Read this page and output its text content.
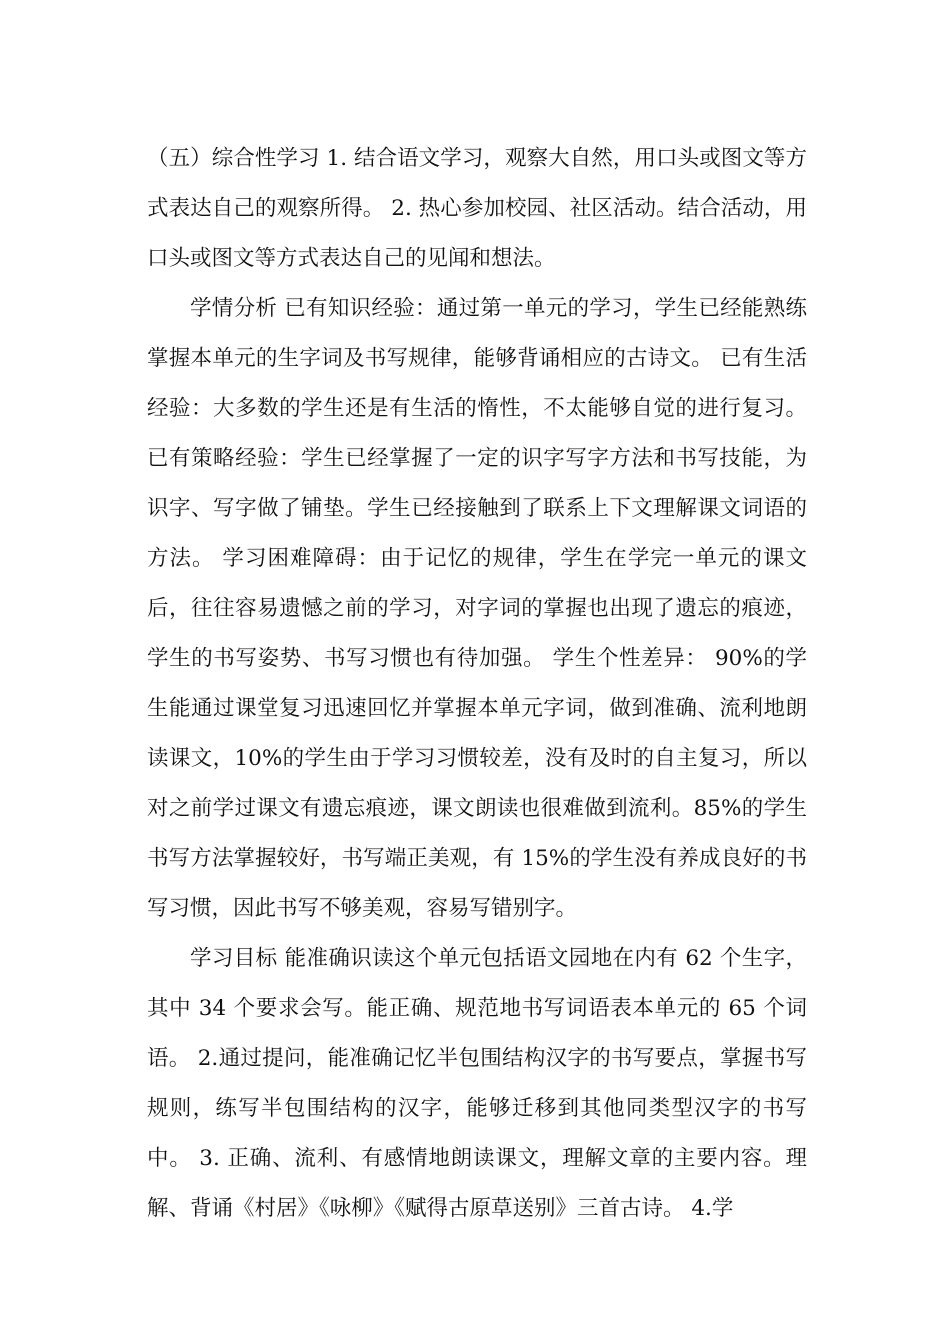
（五）综合性学习 1. 结合语文学习，观察大自然，用口头或图文等方式表达自己的观察所得。 2. 热心参加校园、社区活动。结合活动，用口头或图文等方式表达自己的见闻和想法。

学情分析 已有知识经验：通过第一单元的学习，学生已经能熟练掌握本单元的生字词及书写规律，能够背诵相应的古诗文。 已有生活经验：大多数的学生还是有生活的惰性，不太能够自觉的进行复习。 已有策略经验：学生已经掌握了一定的识字写字方法和书写技能，为识字、写字做了铺垫。学生已经接触到了联系上下文理解课文词语的方法。 学习困难障碍：由于记忆的规律，学生在学完一单元的课文后，往往容易遗憾之前的学习，对字词的掌握也出现了遗忘的痕迹，学生的书写姿势、书写习惯也有待加强。 学生个性差异： 90%的学生能通过课堂复习迅速回忆并掌握本单元字词，做到准确、流利地朗读课文，10%的学生由于学习习惯较差，没有及时的自主复习，所以对之前学过课文有遗忘痕迹，课文朗读也很难做到流利。85%的学生书写方法掌握较好，书写端正美观，有 15%的学生没有养成良好的书写习惯，因此书写不够美观，容易写错别字。

学习目标 能准确识读这个单元包括语文园地在内有 62 个生字，其中 34 个要求会写。能正确、规范地书写词语表本单元的 65 个词语。 2.通过提问，能准确记忆半包围结构汉字的书写要点，掌握书写规则，练写半包围结构的汉字，能够迁移到其他同类型汉字的书写中。 3. 正确、流利、有感情地朗读课文，理解文章的主要内容。理解、背诵《村居》《咏柳》《赋得古原草送别》三首古诗。 4.学
